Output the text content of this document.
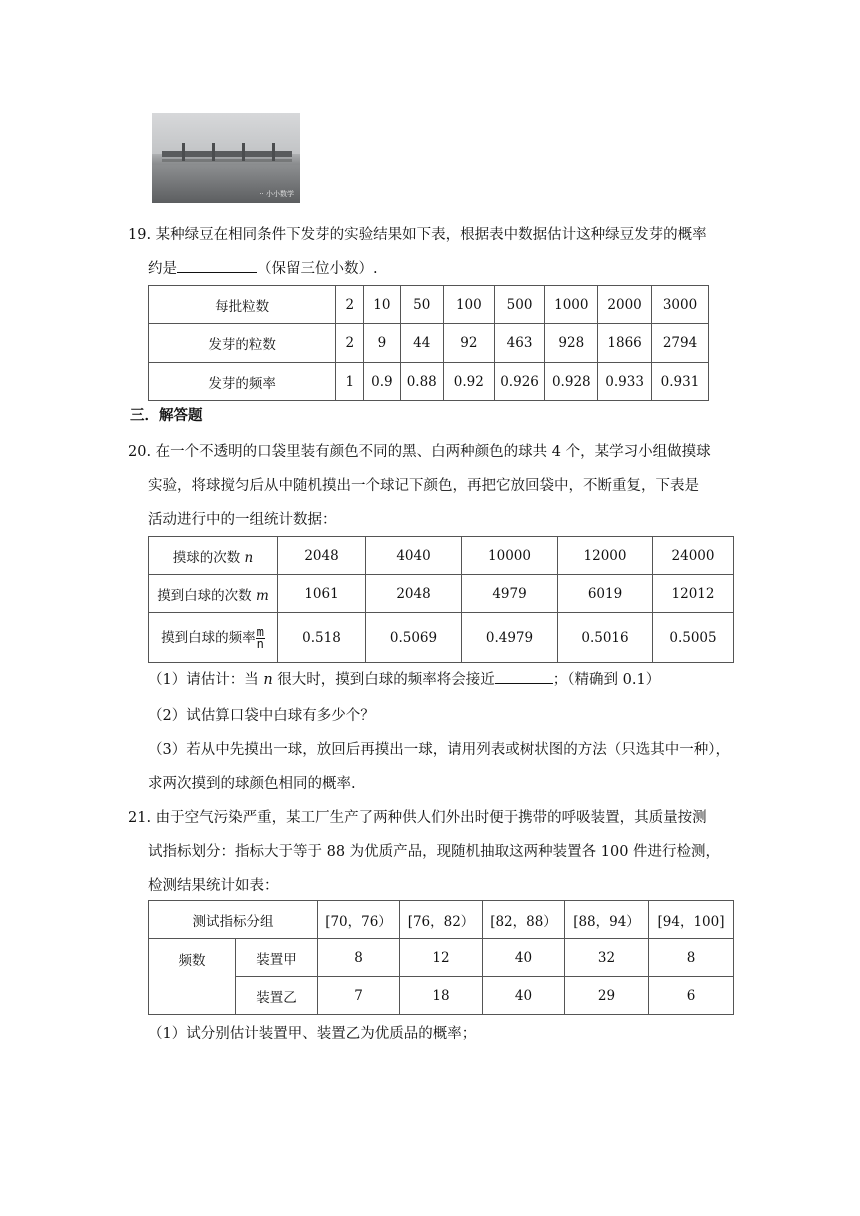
·· 小小数学
19. 某种绿豆在相同条件下发芽的实验结果如下表，根据表中数据估计这种绿豆发芽的概率
约是	（保留三位小数）.
每批粒数	2	10	50	100	500	1000	2000	3000
发芽的粒数	2	9	44	92	463	928	1866	2794
发芽的频率	1	0.9	0.88	0.92	0.926	0.928	0.933	0.931
三．解答题
20. 在一个不透明的口袋里装有颜色不同的黑、白两种颜色的球共 4 个，某学习小组做摸球
实验，将球搅匀后从中随机摸出一个球记下颜色，再把它放回袋中，不断重复，下表是
活动进行中的一组统计数据：
摸球的次数 n	2048	4040	10000	12000	24000
摸到白球的次数 m	1061	2048	4979	6019	12012
摸到白球的频率 $\frac{m}{n}$	0.518	0.5069	0.4979	0.5016	0.5005
（1）请估计：当 n 很大时，摸到白球的频率将会接近	；（精确到 0.1）
（2）试估算口袋中白球有多少个？
（3）若从中先摸出一球，放回后再摸出一球，请用列表或树状图的方法（只选其中一种），
求两次摸到的球颜色相同的概率.
21. 由于空气污染严重，某工厂生产了两种供人们外出时便于携带的呼吸装置，其质量按测
试指标划分：指标大于等于 88 为优质产品，现随机抽取这两种装置各 100 件进行检测，
检测结果统计如表：
测试指标分组		[70，76）	[76，82）	[82，88）	[88，94）	[94，100]
频数	装置甲	8	12	40	32	8
	装置乙	7	18	40	29	6
（1）试分别估计装置甲、装置乙为优质品的概率；
